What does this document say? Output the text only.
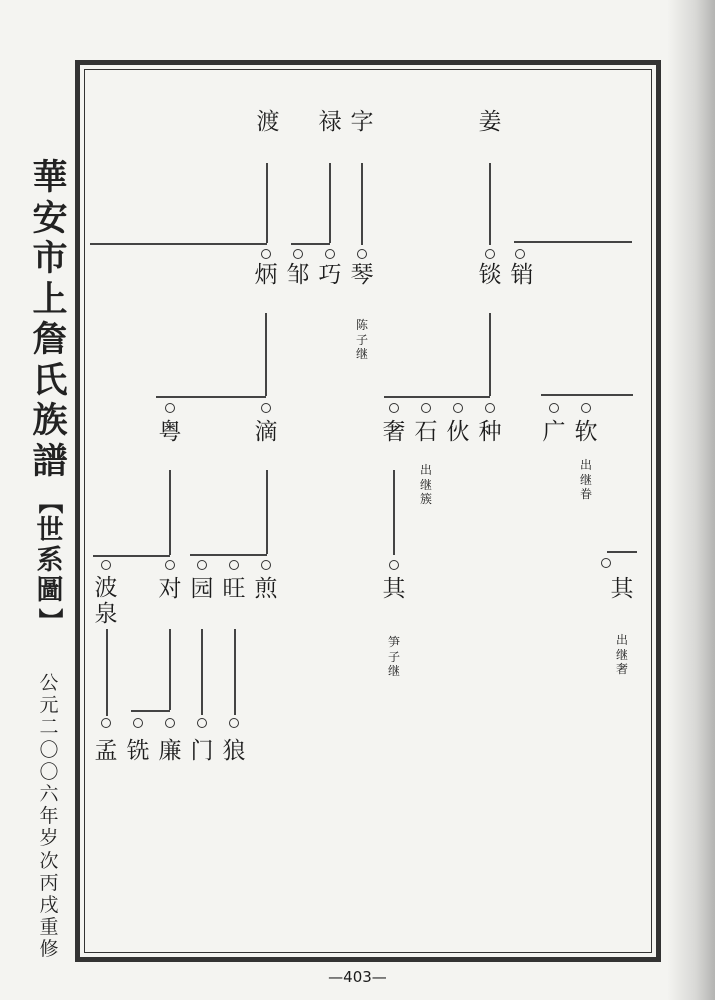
華
安
市
上
詹
氏
族
譜
【
世
系
圖
】
公
元
二
〇
〇
六
年
岁
次
丙
戌
重
修
渡 禄 字	姜
炳 邹 巧 琴	锬 销
陈
子
继
粤	滴	奢 石 伙 种 广 软
出
继
簇
出
继
眷
波
泉
对 园 旺 煎	其	其
笋
子
继
出
继
奢
孟 铣 廉 门 狼
—403—
